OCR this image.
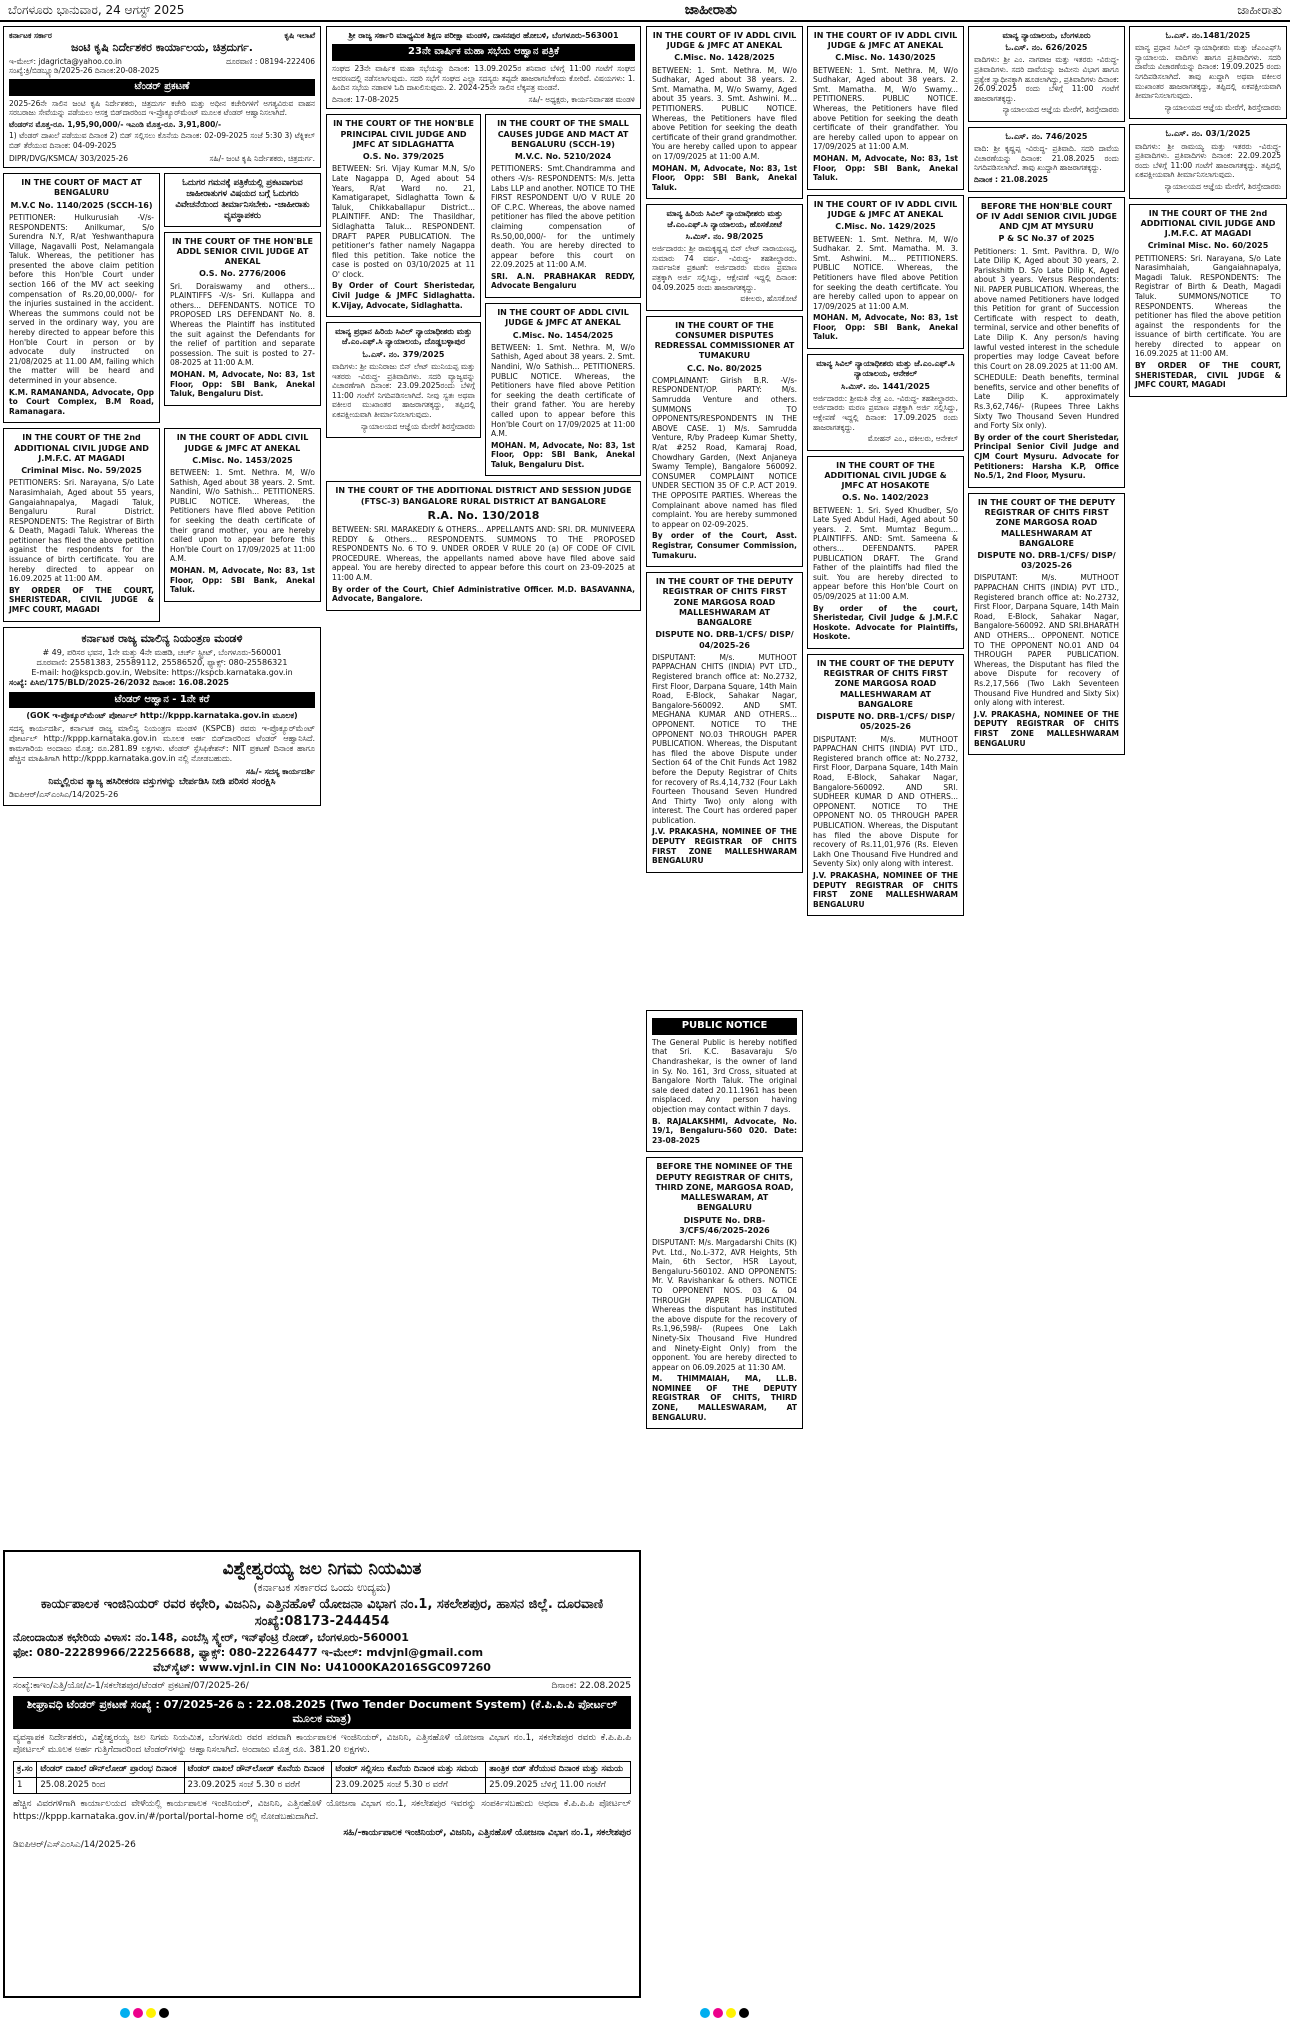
ಬೆಂಗಳೂರು ಭಾನುವಾರ, 24 ಆಗಸ್ಟ್ 2025	ಜಾಹೀರಾತು	ಜಾಹೀರಾತು
ಕರ್ನಾಟಕ ಸರ್ಕಾರ	ಕೃಷಿ ಇಲಾಖೆ
ಜಂಟಿ ಕೃಷಿ ನಿರ್ದೇಶಕರ ಕಾರ್ಯಾಲಯ, ಚಿತ್ರದುರ್ಗ.
ಇ-ಮೇಲ್: jdagricta@yahoo.co.in	ದೂರವಾಣಿ : 08194-222406
ಸಂಖ್ಯೆ:ಕ್ರಿ/ಬಿಡಬ್ಲ್ಯೂಡಿ/2025-26 ದಿನಾಂಕ:20-08-2025
ಟೆಂಡರ್ ಪ್ರಕಟಣೆ
2025-26ನೇ ಸಾಲಿನ ಜಂಟಿ ಕೃಷಿ ನಿರ್ದೇಶಕರು, ಚಿತ್ರದುರ್ಗ ಕಚೇರಿ ಮತ್ತು ಅಧೀನ ಕಚೇರಿಗಳಿಗೆ ಅಗತ್ಯವಿರುವ ವಾಹನ ಸರಬರಾಜು ಸೇವೆಯನ್ನು ಪಡೆಯಲು ಆಸಕ್ತ ಬಿಡ್‌ದಾರರಿಂದ ಇ-ಪ್ರೊಕ್ಯೂರ್‌ಮೆಂಟ್ ಮೂಲಕ ಟೆಂಡರ್ ಆಹ್ವಾನಿಸಲಾಗಿದೆ.
ಟೆಂಡರ್‌ನ ಮೊತ್ತ-ರೂ. 1,95,90,000/- ಇಎಂಡಿ ಮೊತ್ತ-ರೂ. 3,91,800/-
1) ಟೆಂಡರ್ ದಾಖಲೆ ಪಡೆಯುವ ದಿನಾಂಕ 2) ಬಿಡ್ ಸಲ್ಲಿಸಲು ಕೊನೆಯ ದಿನಾಂಕ: 02-09-2025 ಸಂಜೆ 5:30 3) ಟೆಕ್ನಿಕಲ್ ಬಿಡ್ ತೆರೆಯುವ ದಿನಾಂಕ: 04-09-2025
DIPR/DVG/KSMCA/ 303/2025-26	ಸಹಿ/- ಜಂಟಿ ಕೃಷಿ ನಿರ್ದೇಶಕರು, ಚಿತ್ರದುರ್ಗ.
IN THE COURT OF MACT AT BENGALURU
M.V.C No. 1140/2025 (SCCH-16)
PETITIONER: Hulkurusiah -V/s- RESPONDENTS: Anilkumar, S/o Surendra N.Y, R/at Yeshwanthapura Village, Nagavalli Post, Nelamangala Taluk. Whereas, the petitioner has presented the above claim petition before this Hon'ble Court under section 166 of the MV act seeking compensation of Rs.20,00,000/- for the injuries sustained in the accident. Whereas the summons could not be served in the ordinary way, you are hereby directed to appear before this Hon'ble Court in person or by advocate duly instructed on 21/08/2025 at 11.00 AM, failing which the matter will be heard and determined in your absence.
K.M. RAMANANDA, Advocate, Opp to Court Complex, B.M Road, Ramanagara.
ಓದುಗರ ಗಮನಕ್ಕೆ ಪತ್ರಿಕೆಯಲ್ಲಿ ಪ್ರಕಟವಾಗುವ ಜಾಹೀರಾತುಗಳ ವಿಷಯದ ಬಗ್ಗೆ ಓದುಗರು ವಿವೇಚನೆಯಿಂದ ತೀರ್ಮಾನಿಸಬೇಕು. -ಜಾಹೀರಾತು ವ್ಯವಸ್ಥಾಪಕರು
IN THE COURT OF THE HON'BLE ADDL SENIOR CIVIL JUDGE AT ANEKAL
O.S. No. 2776/2006
Sri. Doraiswamy and others... PLAINTIFFS -V/s- Sri. Kullappa and others... DEFENDANTS. NOTICE TO PROPOSED LRS DEFENDANT No. 8. Whereas the Plaintiff has instituted the suit against the Defendants for the relief of partition and separate possession. The suit is posted to 27-08-2025 at 11:00 A.M.
MOHAN. M, Advocate, No: 83, 1st Floor, Opp: SBI Bank, Anekal Taluk, Bengaluru Dist.
IN THE COURT OF THE 2nd ADDITIONAL CIVIL JUDGE AND J.M.F.C. AT MAGADI
Criminal Misc. No. 59/2025
PETITIONERS: Sri. Narayana, S/o Late Narasimhaiah, Aged about 55 years, Gangaiahnapalya, Magadi Taluk, Bengaluru Rural District. RESPONDENTS: The Registrar of Birth & Death, Magadi Taluk. Whereas the petitioner has filed the above petition against the respondents for the issuance of birth certificate. You are hereby directed to appear on 16.09.2025 at 11:00 AM.
BY ORDER OF THE COURT, SHERISTEDAR, CIVIL JUDGE & JMFC COURT, MAGADI
IN THE COURT OF ADDL CIVIL JUDGE & JMFC AT ANEKAL
C.Misc. No. 1453/2025
BETWEEN: 1. Smt. Nethra. M, W/o Sathish, Aged about 38 years. 2. Smt. Nandini, W/o Sathish... PETITIONERS. PUBLIC NOTICE. Whereas, the Petitioners have filed above Petition for seeking the death certificate of their grand mother, you are hereby called upon to appear before this Hon'ble Court on 17/09/2025 at 11:00 A.M.
MOHAN. M, Advocate, No: 83, 1st Floor, Opp: SBI Bank, Anekal Taluk.
ಕರ್ನಾಟಕ ರಾಜ್ಯ ಮಾಲಿನ್ಯ ನಿಯಂತ್ರಣ ಮಂಡಳಿ
# 49, ಪರಿಸರ ಭವನ, 1ನೇ ಮತ್ತು 4ನೇ ಮಹಡಿ, ಚರ್ಚ್ ಸ್ಟ್ರೀಟ್, ಬೆಂಗಳೂರು-560001
ದೂರವಾಣಿ: 25581383, 25589112, 25586520, ಫ್ಯಾಕ್ಸ್: 080-25586321
E-mail: ho@kspcb.gov.in, Website: https://kspcb.karnataka.gov.in
ಸಂಖ್ಯೆ: ಪಿಸಿಬಿ/175/BLD/2025-26/2032 ದಿನಾಂಕ: 16.08.2025
ಟೆಂಡರ್ ಆಹ್ವಾನ - 1ನೇ ಕರೆ
(GOK ಇ-ಪ್ರೊಕ್ಯೂರ್‌ಮೆಂಟ್ ಪೋರ್ಟಲ್ http://kppp.karnataka.gov.in ಮೂಲಕ)
ಸದಸ್ಯ ಕಾರ್ಯದರ್ಶಿ, ಕರ್ನಾಟಕ ರಾಜ್ಯ ಮಾಲಿನ್ಯ ನಿಯಂತ್ರಣ ಮಂಡಳಿ (KSPCB) ರವರು ಇ-ಪ್ರೊಕ್ಯೂರ್‌ಮೆಂಟ್ ಪೋರ್ಟಲ್ http://kppp.karnataka.gov.in ಮೂಲಕ ಅರ್ಹ ಬಿಡ್‌ದಾರರಿಂದ ಟೆಂಡರ್ ಆಹ್ವಾನಿಸಿದೆ. ಕಾಮಗಾರಿಯ ಅಂದಾಜು ಮೊತ್ತ: ರೂ.281.89 ಲಕ್ಷಗಳು. ಟೆಂಡರ್ ಸ್ಪೆಸಿಫಿಕೇಶನ್: NIT ಪ್ರಕಟಣೆ ದಿನಾಂಕ ಹಾಗೂ ಹೆಚ್ಚಿನ ಮಾಹಿತಿಗಾಗಿ http://kppp.karnataka.gov.in ನಲ್ಲಿ ನೋಡಬಹುದು.
ಸಹಿ/- ಸದಸ್ಯ ಕಾರ್ಯದರ್ಶಿ
ನಿಮ್ಮಲ್ಲಿರುವ ತ್ಯಾಜ್ಯ ಹಸಿರೀಕರಣ ವಸ್ತುಗಳನ್ನು ಬೇರ್ಪಡಿಸಿ ನೀಡಿ ಪರಿಸರ ಸಂರಕ್ಷಿಸಿ
ಡಿಐಪಿಆರ್/ಎಸ್‌ಎಂಸಿಎ/14/2025-26
ಶ್ರೀ ರಾಜ್ಯ ಸರ್ಕಾರಿ ಮಾಧ್ಯಮಿಕ ಶಿಕ್ಷಣ ಪರೀಕ್ಷಾ ಮಂಡಳಿ, ದಾಸನಪುರ ಹೋಬಳಿ, ಬೆಂಗಳೂರು-563001
23ನೇ ವಾರ್ಷಿಕ ಮಹಾ ಸಭೆಯ ಆಹ್ವಾನ ಪತ್ರಿಕೆ
ಸಂಘದ 23ನೇ ವಾರ್ಷಿಕ ಮಹಾ ಸಭೆಯನ್ನು ದಿನಾಂಕ: 13.09.2025ರ ಶನಿವಾರ ಬೆಳಿಗ್ಗೆ 11:00 ಗಂಟೆಗೆ ಸಂಘದ ಆವರಣದಲ್ಲಿ ನಡೆಸಲಾಗುವುದು. ಸದರಿ ಸಭೆಗೆ ಸಂಘದ ಎಲ್ಲಾ ಸದಸ್ಯರು ತಪ್ಪದೇ ಹಾಜರಾಗಬೇಕೆಂದು ಕೋರಿದೆ. ವಿಷಯಗಳು: 1. ಹಿಂದಿನ ಸಭೆಯ ನಡಾವಳಿ ಓದಿ ದಾಖಲಿಸುವುದು. 2. 2024-25ನೇ ಸಾಲಿನ ಲೆಕ್ಕಪತ್ರ ಮಂಡನೆ.
ದಿನಾಂಕ: 17-08-2025	ಸಹಿ/- ಅಧ್ಯಕ್ಷರು, ಕಾರ್ಯನಿರ್ವಾಹಕ ಮಂಡಳಿ
IN THE COURT OF THE HON'BLE PRINCIPAL CIVIL JUDGE AND JMFC AT SIDLAGHATTA
O.S. No. 379/2025
BETWEEN: Sri. Vijay Kumar M.N, S/o Late Nagappa D, Aged about 54 Years, R/at Ward no. 21, Kamatigarapet, Sidlaghatta Town & Taluk, Chikkaballapur District... PLAINTIFF. AND: The Thasildhar, Sidlaghatta Taluk... RESPONDENT. DRAFT PAPER PUBLICATION. The petitioner's father namely Nagappa filed this petition. Take notice the case is posted on 03/10/2025 at 11 O' clock.
By Order of Court Sheristedar, Civil Judge & JMFC Sidlaghatta. K.Vijay, Advocate, Sidlaghatta.
ಮಾನ್ಯ ಪ್ರಧಾನ ಹಿರಿಯ ಸಿವಿಲ್ ನ್ಯಾಯಾಧೀಶರು ಮತ್ತು ಜೆ.ಎಂ.ಎಫ್.ಸಿ ನ್ಯಾಯಾಲಯ, ದೊಡ್ಡಬಳ್ಳಾಪುರ
ಓ.ಎಸ್. ನಂ. 379/2025
ವಾದಿಗಳು: ಶ್ರೀ ಮುನಿರಾಜು ಬಿನ್ ಲೇಟ್ ಮುನಿಯಪ್ಪ ಮತ್ತು ಇತರರು -ವಿರುದ್ಧ- ಪ್ರತಿವಾದಿಗಳು. ಸದರಿ ವ್ಯಾಜ್ಯವನ್ನು ವಿಚಾರಣೆಗಾಗಿ ದಿನಾಂಕ: 23.09.2025ರಂದು ಬೆಳಿಗ್ಗೆ 11:00 ಗಂಟೆಗೆ ನಿಗದಿಪಡಿಸಲಾಗಿದೆ. ನೀವು ಸ್ವತಃ ಅಥವಾ ವಕೀಲರ ಮುಖಾಂತರ ಹಾಜರಾಗತಕ್ಕದ್ದು, ತಪ್ಪಿದಲ್ಲಿ ಏಕಪಕ್ಷೀಯವಾಗಿ ತೀರ್ಮಾನಿಸಲಾಗುವುದು.
ನ್ಯಾಯಾಲಯದ ಆಜ್ಞೆಯ ಮೇರೆಗೆ ಶಿರಸ್ತೇದಾರರು
IN THE COURT OF THE SMALL CAUSES JUDGE AND MACT AT BENGALURU (SCCH-19)
M.V.C. No. 5210/2024
PETITIONERS: Smt.Chandramma and others -V/s- RESPONDENTS: M/s. Jetta Labs LLP and another. NOTICE TO THE FIRST RESPONDENT U/O V RULE 20 OF C.P.C. Whereas, the above named petitioner has filed the above petition claiming compensation of Rs.50,00,000/- for the untimely death. You are hereby directed to appear before this court on 22.09.2025 at 11:00 A.M.
SRI. A.N. PRABHAKAR REDDY, Advocate Bengaluru
IN THE COURT OF ADDL CIVIL JUDGE & JMFC AT ANEKAL
C.Misc. No. 1454/2025
BETWEEN: 1. Smt. Nethra. M, W/o Sathish, Aged about 38 years. 2. Smt. Nandini, W/o Sathish... PETITIONERS. PUBLIC NOTICE. Whereas, the Petitioners have filed above Petition for seeking the death certificate of their grand father. You are hereby called upon to appear before this Hon'ble Court on 17/09/2025 at 11:00 A.M.
MOHAN. M, Advocate, No: 83, 1st Floor, Opp: SBI Bank, Anekal Taluk, Bengaluru Dist.
IN THE COURT OF THE ADDITIONAL DISTRICT AND SESSION JUDGE (FTSC-3) BANGALORE RURAL DISTRICT AT BANGALORE
R.A. No. 130/2018
BETWEEN: SRI. MARAKEDIY & OTHERS... APPELLANTS AND: SRI. DR. MUNIVEERA REDDY & Others... RESPONDENTS. SUMMONS TO THE PROPOSED RESPONDENTS No. 6 TO 9. UNDER ORDER V RULE 20 (a) OF CODE OF CIVIL PROCEDURE. Whereas, the appellants named above have filed above said appeal. You are hereby directed to appear before this court on 23-09-2025 at 11:00 A.M.
By order of the Court, Chief Administrative Officer. M.D. BASAVANNA, Advocate, Bangalore.
IN THE COURT OF IV ADDL CIVIL JUDGE & JMFC AT ANEKAL
C.Misc. No. 1428/2025
BETWEEN: 1. Smt. Nethra. M, W/o Sudhakar, Aged about 38 years. 2. Smt. Mamatha. M, W/o Swamy, Aged about 35 years. 3. Smt. Ashwini. M... PETITIONERS. PUBLIC NOTICE. Whereas, the Petitioners have filed above Petition for seeking the death certificate of their grand grandmother. You are hereby called upon to appear on 17/09/2025 at 11:00 A.M.
MOHAN. M, Advocate, No: 83, 1st Floor, Opp: SBI Bank, Anekal Taluk.
ಮಾನ್ಯ ಹಿರಿಯ ಸಿವಿಲ್ ನ್ಯಾಯಾಧೀಶರು ಮತ್ತು ಜೆ.ಎಂ.ಎಫ್.ಸಿ ನ್ಯಾಯಾಲಯ, ಹೊಸಕೋಟೆ
ಸಿ.ಮಿಸ್. ನಂ. 98/2025
ಅರ್ಜಿದಾರರು: ಶ್ರೀ ರಾಮಕೃಷ್ಣಪ್ಪ ಬಿನ್ ಲೇಟ್ ನಾರಾಯಣಪ್ಪ, ಸುಮಾರು 74 ವರ್ಷ. -ವಿರುದ್ಧ- ತಹಶೀಲ್ದಾರರು. ಸಾರ್ವಜನಿಕ ಪ್ರಕಟಣೆ: ಅರ್ಜಿದಾರರು ಮರಣ ಪ್ರಮಾಣ ಪತ್ರಕ್ಕಾಗಿ ಅರ್ಜಿ ಸಲ್ಲಿಸಿದ್ದು, ಆಕ್ಷೇಪಣೆ ಇದ್ದಲ್ಲಿ ದಿನಾಂಕ: 04.09.2025 ರಂದು ಹಾಜರಾಗತಕ್ಕದ್ದು.
ವಕೀಲರು, ಹೊಸಕೋಟೆ
IN THE COURT OF THE CONSUMER DISPUTES REDRESSAL COMMISSIONER AT TUMAKURU
C.C. No. 80/2025
COMPLAINANT: Girish B.R. -V/s- RESPONDENT/OP. PARTY: M/s. Samrudda Venture and others. SUMMONS TO OPPONENTS/RESPONDENTS IN THE ABOVE CASE. 1) M/s. Samrudda Venture, R/by Pradeep Kumar Shetty, R/at #252 Road, Kamaraj Road, Chowdhary Garden, (Next Anjaneya Swamy Temple), Bangalore 560092. CONSUMER COMPLAINT NOTICE UNDER SECTION 35 OF C.P. ACT 2019. THE OPPOSITE PARTIES. Whereas the Complainant above named has filed complaint. You are hereby summoned to appear on 02-09-2025.
By order of the Court, Asst. Registrar, Consumer Commission, Tumakuru.
IN THE COURT OF THE DEPUTY REGISTRAR OF CHITS FIRST ZONE MARGOSA ROAD MALLESHWARAM AT BANGALORE
DISPUTE NO. DRB-1/CFS/ DISP/ 04/2025-26
DISPUTANT: M/s. MUTHOOT PAPPACHAN CHITS (INDIA) PVT LTD., Registered branch office at: No.2732, First Floor, Darpana Square, 14th Main Road, E-Block, Sahakar Nagar, Bangalore-560092. AND SMT. MEGHANA KUMAR AND OTHERS... OPPONENT. NOTICE TO THE OPPONENT NO.03 THROUGH PAPER PUBLICATION. Whereas, the Disputant has filed the above Dispute under Section 64 of the Chit Funds Act 1982 before the Deputy Registrar of Chits for recovery of Rs.4,14,732 (Four Lakh Fourteen Thousand Seven Hundred And Thirty Two) only along with interest. The Court has ordered paper publication.
J.V. PRAKASHA, NOMINEE OF THE DEPUTY REGISTRAR OF CHITS FIRST ZONE MALLESHWARAM BENGALURU
PUBLIC NOTICE
The General Public is hereby notified that Sri. K.C. Basavaraju S/o Chandrashekar, is the owner of land in Sy. No. 161, 3rd Cross, situated at Bangalore North Taluk. The original sale deed dated 20.11.1961 has been misplaced. Any person having objection may contact within 7 days.
B. RAJALAKSHMI, Advocate, No. 19/1, Bengaluru-560 020. Date: 23-08-2025
BEFORE THE NOMINEE OF THE DEPUTY REGISTRAR OF CHITS, THIRD ZONE, MARGOSA ROAD, MALLESWARAM, AT BENGALURU
DISPUTE No. DRB-3/CFS/46/2025-2026
DISPUTANT: M/s. Margadarshi Chits (K) Pvt. Ltd., No.L-372, AVR Heights, 5th Main, 6th Sector, HSR Layout, Bengaluru-560102. AND OPPONENTS: Mr. V. Ravishankar & others. NOTICE TO OPPONENT NOS. 03 & 04 THROUGH PAPER PUBLICATION. Whereas the disputant has instituted the above dispute for the recovery of Rs.1,96,598/- (Rupees One Lakh Ninety-Six Thousand Five Hundred and Ninety-Eight Only) from the opponent. You are hereby directed to appear on 06.09.2025 at 11:30 AM.
M. THIMMAIAH, MA, LL.B. NOMINEE OF THE DEPUTY REGISTRAR OF CHITS, THIRD ZONE, MALLESWARAM, AT BENGALURU.
IN THE COURT OF IV ADDL CIVIL JUDGE & JMFC AT ANEKAL
C.Misc. No. 1430/2025
BETWEEN: 1. Smt. Nethra. M, W/o Sudhakar, Aged about 38 years. 2. Smt. Mamatha. M, W/o Swamy... PETITIONERS. PUBLIC NOTICE. Whereas, the Petitioners have filed above Petition for seeking the death certificate of their grandfather. You are hereby called upon to appear on 17/09/2025 at 11:00 A.M.
MOHAN. M, Advocate, No: 83, 1st Floor, Opp: SBI Bank, Anekal Taluk.
IN THE COURT OF IV ADDL CIVIL JUDGE & JMFC AT ANEKAL
C.Misc. No. 1429/2025
BETWEEN: 1. Smt. Nethra. M, W/o Sudhakar. 2. Smt. Mamatha. M. 3. Smt. Ashwini. M... PETITIONERS. PUBLIC NOTICE. Whereas, the Petitioners have filed above Petition for seeking the death certificate. You are hereby called upon to appear on 17/09/2025 at 11:00 A.M.
MOHAN. M, Advocate, No: 83, 1st Floor, Opp: SBI Bank, Anekal Taluk.
ಮಾನ್ಯ ಸಿವಿಲ್ ನ್ಯಾಯಾಧೀಶರು ಮತ್ತು ಜೆ.ಎಂ.ಎಫ್.ಸಿ ನ್ಯಾಯಾಲಯ, ಆನೇಕಲ್
ಸಿ.ಮಿಸ್. ನಂ. 1441/2025
ಅರ್ಜಿದಾರರು: ಶ್ರೀಮತಿ ನೇತ್ರ ಎಂ. -ವಿರುದ್ಧ- ತಹಶೀಲ್ದಾರರು. ಅರ್ಜಿದಾರರು ಮರಣ ಪ್ರಮಾಣ ಪತ್ರಕ್ಕಾಗಿ ಅರ್ಜಿ ಸಲ್ಲಿಸಿದ್ದು, ಆಕ್ಷೇಪಣೆ ಇದ್ದಲ್ಲಿ ದಿನಾಂಕ: 17.09.2025 ರಂದು ಹಾಜರಾಗತಕ್ಕದ್ದು.
ಮೋಹನ್ ಎಂ., ವಕೀಲರು, ಆನೇಕಲ್
IN THE COURT OF THE ADDITIONAL CIVIL JUDGE & JMFC AT HOSAKOTE
O.S. No. 1402/2023
BETWEEN: 1. Sri. Syed Khudber, S/o Late Syed Abdul Hadi, Aged about 50 years. 2. Smt. Mumtaz Begum... PLAINTIFFS. AND: Smt. Sameena & others... DEFENDANTS. PAPER PUBLICATION DRAFT. The Grand Father of the plaintiffs had filed the suit. You are hereby directed to appear before this Hon'ble Court on 05/09/2025 at 11:00 A.M.
By order of the court, Sheristedar, Civil Judge & J.M.F.C Hoskote. Advocate for Plaintiffs, Hoskote.
IN THE COURT OF THE DEPUTY REGISTRAR OF CHITS FIRST ZONE MARGOSA ROAD MALLESHWARAM AT BANGALORE
DISPUTE NO. DRB-1/CFS/ DISP/ 05/2025-26
DISPUTANT: M/s. MUTHOOT PAPPACHAN CHITS (INDIA) PVT LTD., Registered branch office at: No.2732, First Floor, Darpana Square, 14th Main Road, E-Block, Sahakar Nagar, Bangalore-560092. AND SRI. SUDHEER KUMAR D AND OTHERS... OPPONENT. NOTICE TO THE OPPONENT NO. 05 THROUGH PAPER PUBLICATION. Whereas, the Disputant has filed the above Dispute for recovery of Rs.11,01,976 (Rs. Eleven Lakh One Thousand Five Hundred and Seventy Six) only along with interest.
J.V. PRAKASHA, NOMINEE OF THE DEPUTY REGISTRAR OF CHITS FIRST ZONE MALLESHWARAM BENGALURU
ಮಾನ್ಯ ನ್ಯಾಯಾಲಯ, ಬೆಂಗಳೂರು
ಓ.ಎಸ್. ನಂ. 626/2025
ವಾದಿಗಳು: ಶ್ರೀ ಎಂ. ನಾಗರಾಜ ಮತ್ತು ಇತರರು -ವಿರುದ್ಧ- ಪ್ರತಿವಾದಿಗಳು. ಸದರಿ ದಾವೆಯನ್ನು ಜಮೀನು ವಿಭಾಗ ಹಾಗೂ ಪ್ರತ್ಯೇಕ ಸ್ವಾಧೀನಕ್ಕಾಗಿ ಹೂಡಲಾಗಿದ್ದು, ಪ್ರತಿವಾದಿಗಳು ದಿನಾಂಕ: 26.09.2025 ರಂದು ಬೆಳಿಗ್ಗೆ 11:00 ಗಂಟೆಗೆ ಹಾಜರಾಗತಕ್ಕದ್ದು.
ನ್ಯಾಯಾಲಯದ ಆಜ್ಞೆಯ ಮೇರೆಗೆ, ಶಿರಸ್ತೇದಾರರು
ಓ.ಎಸ್. ನಂ. 746/2025
ವಾದಿ: ಶ್ರೀ ಕೃಷ್ಣಪ್ಪ -ವಿರುದ್ಧ- ಪ್ರತಿವಾದಿ. ಸದರಿ ದಾವೆಯ ವಿಚಾರಣೆಯನ್ನು ದಿನಾಂಕ: 21.08.2025 ರಂದು ನಿಗದಿಪಡಿಸಲಾಗಿದೆ. ತಾವು ಖುದ್ದಾಗಿ ಹಾಜರಾಗತಕ್ಕದ್ದು.
ದಿನಾಂಕ : 21.08.2025
BEFORE THE HON'BLE COURT OF IV Addl SENIOR CIVIL JUDGE AND CJM AT MYSURU
P & SC No.37 of 2025
Petitioners: 1. Smt. Pavithra. D, W/o Late Dilip K, Aged about 30 years, 2. Pariskshith D. S/o Late Dilip K, Aged about 3 years. Versus Respondents: Nil. PAPER PUBLICATION. Whereas, the above named Petitioners have lodged this Petition for grant of Succession Certificate with respect to death, terminal, service and other benefits of Late Dilip K. Any person/s having lawful vested interest in the schedule properties may lodge Caveat before this Court on 28.09.2025 at 11:00 AM.
SCHEDULE: Death benefits, terminal benefits, service and other benefits of Late Dilip K. approximately Rs.3,62,746/- (Rupees Three Lakhs Sixty Two Thousand Seven Hundred and Forty Six only).
By order of the court Sheristedar, Principal Senior Civil Judge and CJM Court Mysuru. Advocate for Petitioners: Harsha K.P, Office No.5/1, 2nd Floor, Mysuru.
IN THE COURT OF THE DEPUTY REGISTRAR OF CHITS FIRST ZONE MARGOSA ROAD MALLESHWARAM AT BANGALORE
DISPUTE NO. DRB-1/CFS/ DISP/ 03/2025-26
DISPUTANT: M/s. MUTHOOT PAPPACHAN CHITS (INDIA) PVT LTD., Registered branch office at: No.2732, First Floor, Darpana Square, 14th Main Road, E-Block, Sahakar Nagar, Bangalore-560092. AND SRI.BHARATH AND OTHERS... OPPONENT. NOTICE TO THE OPPONENT NO.01 AND 04 THROUGH PAPER PUBLICATION. Whereas, the Disputant has filed the above Dispute for recovery of Rs.2,17,566 (Two Lakh Seventeen Thousand Five Hundred and Sixty Six) only along with interest.
J.V. PRAKASHA, NOMINEE OF THE DEPUTY REGISTRAR OF CHITS FIRST ZONE MALLESHWARAM BENGALURU
ಓ.ಎಸ್. ನಂ.1481/2025
ಮಾನ್ಯ ಪ್ರಧಾನ ಸಿವಿಲ್ ನ್ಯಾಯಾಧೀಶರು ಮತ್ತು ಜೆಎಂಎಫ್‌ಸಿ ನ್ಯಾಯಾಲಯ. ವಾದಿಗಳು ಹಾಗೂ ಪ್ರತಿವಾದಿಗಳು. ಸದರಿ ದಾವೆಯ ವಿಚಾರಣೆಯನ್ನು ದಿನಾಂಕ: 19.09.2025 ರಂದು ನಿಗದಿಪಡಿಸಲಾಗಿದೆ. ತಾವು ಖುದ್ದಾಗಿ ಅಥವಾ ವಕೀಲರ ಮುಖಾಂತರ ಹಾಜರಾಗತಕ್ಕದ್ದು, ತಪ್ಪಿದಲ್ಲಿ ಏಕಪಕ್ಷೀಯವಾಗಿ ತೀರ್ಮಾನಿಸಲಾಗುವುದು.
ನ್ಯಾಯಾಲಯದ ಆಜ್ಞೆಯ ಮೇರೆಗೆ, ಶಿರಸ್ತೇದಾರರು
ಓ.ಎಸ್. ನಂ. 03/1/2025
ವಾದಿಗಳು: ಶ್ರೀ ರಾಮಯ್ಯ ಮತ್ತು ಇತರರು -ವಿರುದ್ಧ- ಪ್ರತಿವಾದಿಗಳು. ಪ್ರತಿವಾದಿಗಳು ದಿನಾಂಕ: 22.09.2025 ರಂದು ಬೆಳಿಗ್ಗೆ 11:00 ಗಂಟೆಗೆ ಹಾಜರಾಗತಕ್ಕದ್ದು. ತಪ್ಪಿದಲ್ಲಿ ಏಕಪಕ್ಷೀಯವಾಗಿ ತೀರ್ಮಾನಿಸಲಾಗುವುದು.
ನ್ಯಾಯಾಲಯದ ಆಜ್ಞೆಯ ಮೇರೆಗೆ, ಶಿರಸ್ತೇದಾರರು
IN THE COURT OF THE 2nd ADDITIONAL CIVIL JUDGE AND J.M.F.C. AT MAGADI
Criminal Misc. No. 60/2025
PETITIONERS: Sri. Narayana, S/o Late Narasimhaiah, Gangaiahnapalya, Magadi Taluk. RESPONDENTS: The Registrar of Birth & Death, Magadi Taluk. SUMMONS/NOTICE TO RESPONDENTS. Whereas the petitioner has filed the above petition against the respondents for the issuance of birth certificate. You are hereby directed to appear on 16.09.2025 at 11:00 AM.
BY ORDER OF THE COURT, SHERISTEDAR, CIVIL JUDGE & JMFC COURT, MAGADI
ವಿಶ್ವೇಶ್ವರಯ್ಯ ಜಲ ನಿಗಮ ನಿಯಮಿತ
(ಕರ್ನಾಟಕ ಸರ್ಕಾರದ ಒಂದು ಉದ್ಯಮ)
ಕಾರ್ಯಪಾಲಕ ಇಂಜಿನಿಯರ್ ರವರ ಕಛೇರಿ, ವಿಜನಿನಿ, ಎತ್ತಿನಹೊಳೆ ಯೋಜನಾ ವಿಭಾಗ ನಂ.1, ಸಕಲೇಶಪುರ, ಹಾಸನ ಜಿಲ್ಲೆ. ದೂರವಾಣಿ ಸಂಖ್ಯೆ:08173-244454
ನೋಂದಾಯಿತ ಕಛೇರಿಯ ವಿಳಾಸ: ನಂ.148, ಎಂಬೆಸ್ಸಿ ಸ್ಕ್ವೇರ್, ಇನ್‌ಫೆಂಟ್ರಿ ರೋಡ್, ಬೆಂಗಳೂರು-560001
ಫೋ: 080-22289966/22256688, ಫ್ಯಾಕ್ಸ್: 080-22264477 ಇ-ಮೇಲ್: mdvjnl@gmail.com
ವೆಬ್‌ಸೈಟ್: www.vjnl.in CIN No: U41000KA2016SGC097260
ಸಂಖ್ಯೆ:ಕಾಇಂ/ಎತ್ತಿ/ಯೋ/ವಿ-1/ಸಕಲೇಶಪುರ/ಟೆಂಡರ್ ಪ್ರಕಟಣೆ/07/2025-26/	ದಿನಾಂಕ: 22.08.2025
ಶೀಘ್ರಾವಧಿ ಟೆಂಡರ್ ಪ್ರಕಟಣೆ ಸಂಖ್ಯೆ : 07/2025-26 ದಿ : 22.08.2025 (Two Tender Document System) (ಕೆ.ಪಿ.ಪಿ.ಪಿ ಪೋರ್ಟಲ್ ಮೂಲಕ ಮಾತ್ರ)
ವ್ಯವಸ್ಥಾಪಕ ನಿರ್ದೇಶಕರು, ವಿಶ್ವೇಶ್ವರಯ್ಯ ಜಲ ನಿಗಮ ನಿಯಮಿತ, ಬೆಂಗಳೂರು ರವರ ಪರವಾಗಿ ಕಾರ್ಯಪಾಲಕ ಇಂಜಿನಿಯರ್, ವಿಜನಿನಿ, ಎತ್ತಿನಹೊಳೆ ಯೋಜನಾ ವಿಭಾಗ ನಂ.1, ಸಕಲೇಶಪುರ ರವರು ಕೆ.ಪಿ.ಪಿ.ಪಿ ಪೋರ್ಟಲ್ ಮೂಲಕ ಅರ್ಹ ಗುತ್ತಿಗೆದಾರರಿಂದ ಟೆಂಡರ್‌ಗಳನ್ನು ಆಹ್ವಾನಿಸಲಾಗಿದೆ. ಅಂದಾಜು ಮೊತ್ತ ರೂ. 381.20 ಲಕ್ಷಗಳು.
ಕ್ರ.ಸಂ	ಟೆಂಡರ್ ದಾಖಲೆ ಡೌನ್‌ಲೋಡ್ ಪ್ರಾರಂಭ ದಿನಾಂಕ	ಟೆಂಡರ್ ದಾಖಲೆ ಡೌನ್‌ಲೋಡ್ ಕೊನೆಯ ದಿನಾಂಕ	ಟೆಂಡರ್ ಸಲ್ಲಿಸಲು ಕೊನೆಯ ದಿನಾಂಕ ಮತ್ತು ಸಮಯ	ತಾಂತ್ರಿಕ ಬಿಡ್ ತೆರೆಯುವ ದಿನಾಂಕ ಮತ್ತು ಸಮಯ
1	25.08.2025 ರಿಂದ	23.09.2025 ಸಂಜೆ 5.30 ರ ವರೆಗೆ	23.09.2025 ಸಂಜೆ 5.30 ರ ವರೆಗೆ	25.09.2025 ಬೆಳಿಗ್ಗೆ 11.00 ಗಂಟೆಗೆ
ಹೆಚ್ಚಿನ ವಿವರಗಳಿಗಾಗಿ ಕಾರ್ಯಾಲಯದ ವೇಳೆಯಲ್ಲಿ ಕಾರ್ಯಪಾಲಕ ಇಂಜಿನಿಯರ್, ವಿಜನಿನಿ, ಎತ್ತಿನಹೊಳೆ ಯೋಜನಾ ವಿಭಾಗ ನಂ.1, ಸಕಲೇಶಪುರ ಇವರನ್ನು ಸಂಪರ್ಕಿಸಬಹುದು ಅಥವಾ ಕೆ.ಪಿ.ಪಿ.ಪಿ ಪೋರ್ಟಲ್ https://kppp.karnataka.gov.in/#/portal/portal-home ರಲ್ಲಿ ನೋಡಬಹುದಾಗಿದೆ.
ಸಹಿ/-ಕಾರ್ಯಪಾಲಕ ಇಂಜಿನಿಯರ್, ವಿಜನಿನಿ, ಎತ್ತಿನಹೊಳೆ ಯೋಜನಾ ವಿಭಾಗ ನಂ.1, ಸಕಲೇಶಪುರ
ಡಿಐಪಿಆರ್/ಎಸ್‌ಎಂಸಿಎ/14/2025-26
